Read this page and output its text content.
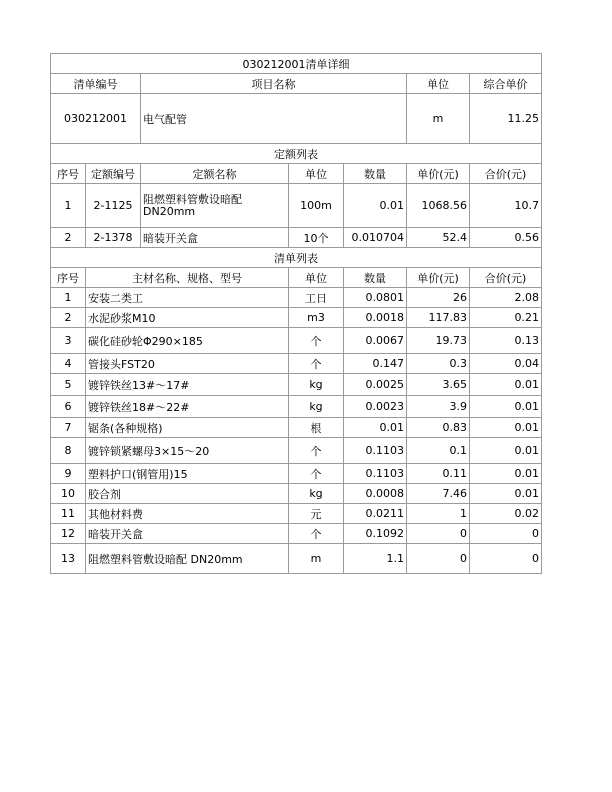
030212001清单详细						
清单编号		项目名称			单位	综合单价
030212001		电气配管			m	11.25
定额列表						
序号	定额编号	定额名称	单位	数量	单价(元)	合价(元)
1	2-1125	阻燃塑料管敷设暗配DN20mm	100m	0.01	1068.56	10.7
2	2-1378	暗装开关盒	10个	0.010704	52.4	0.56
清单列表						
序号	主材名称、规格、型号		单位	数量	单价(元)	合价(元)
1	安装二类工		工日	0.0801	26	2.08
2	水泥砂浆M10		m3	0.0018	117.83	0.21
3	碳化硅砂轮Φ290×185		个	0.0067	19.73	0.13
4	管接头FST20		个	0.147	0.3	0.04
5	镀锌铁丝13#～17#		kg	0.0025	3.65	0.01
6	镀锌铁丝18#～22#		kg	0.0023	3.9	0.01
7	锯条(各种规格)		根	0.01	0.83	0.01
8	镀锌锁紧螺母3×15～20		个	0.1103	0.1	0.01
9	塑料护口(钢管用)15		个	0.1103	0.11	0.01
10	胶合剂		kg	0.0008	7.46	0.01
11	其他材料费		元	0.0211	1	0.02
12	暗装开关盒		个	0.1092	0	0
13	阻燃塑料管敷设暗配 DN20mm		m	1.1	0	0
